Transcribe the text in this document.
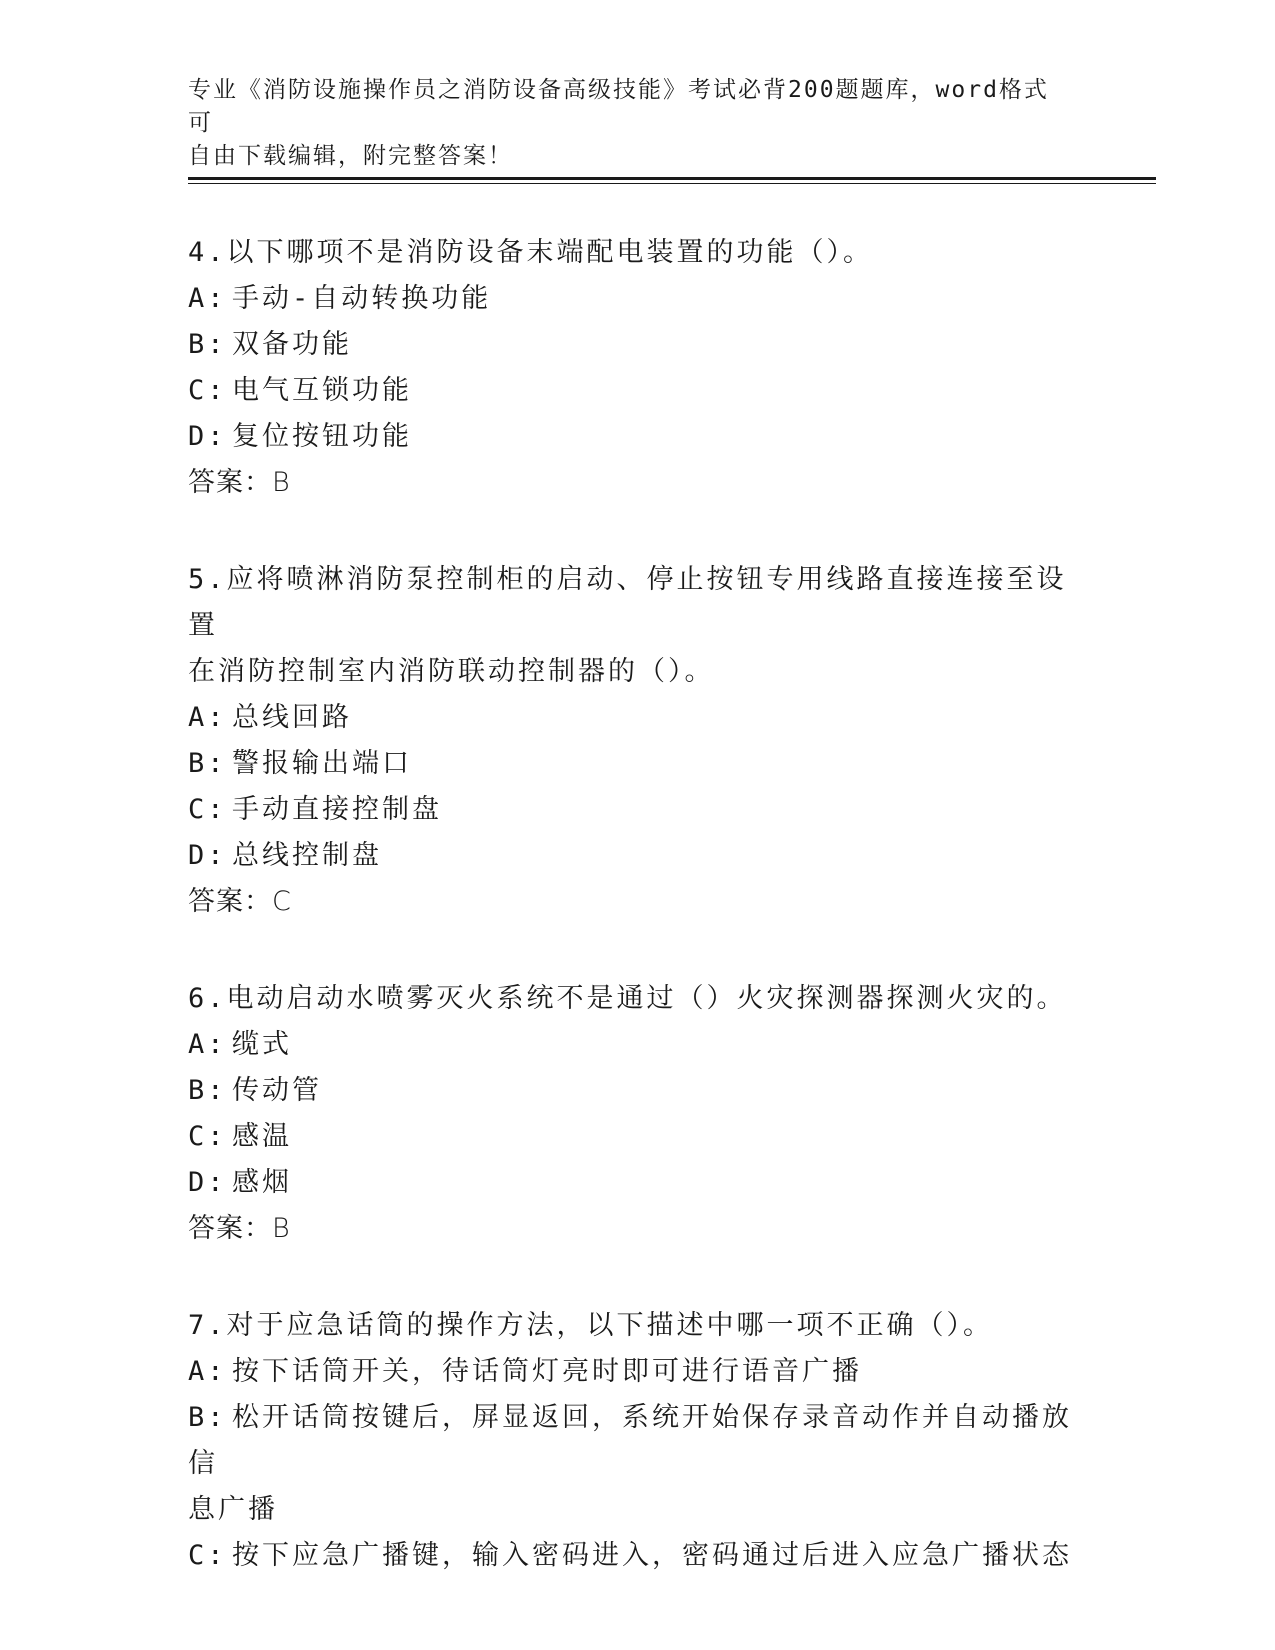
专业《消防设施操作员之消防设备高级技能》考试必背200题题库，word格式可
自由下载编辑，附完整答案！
4.以下哪项不是消防设备末端配电装置的功能（）。
A: 手动-自动转换功能
B: 双备功能
C: 电气互锁功能
D: 复位按钮功能
答案：B
5.应将喷淋消防泵控制柜的启动、停止按钮专用线路直接连接至设置
在消防控制室内消防联动控制器的（）。
A: 总线回路
B: 警报输出端口
C: 手动直接控制盘
D: 总线控制盘
答案：C
6.电动启动水喷雾灭火系统不是通过（）火灾探测器探测火灾的。
A: 缆式
B: 传动管
C: 感温
D: 感烟
答案：B
7.对于应急话筒的操作方法，以下描述中哪一项不正确（）。
A: 按下话筒开关，待话筒灯亮时即可进行语音广播
B: 松开话筒按键后，屏显返回，系统开始保存录音动作并自动播放信
息广播
C: 按下应急广播键，输入密码进入，密码通过后进入应急广播状态
